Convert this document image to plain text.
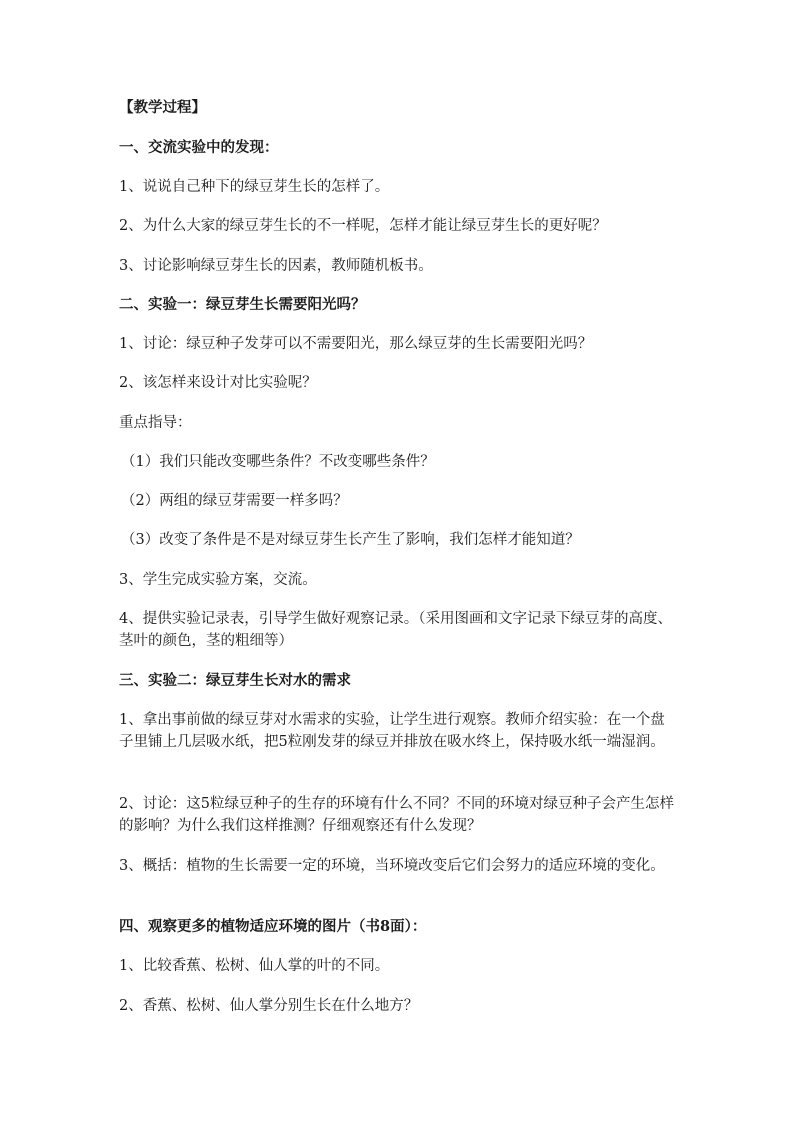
【教学过程】
一、交流实验中的发现：
1、说说自己种下的绿豆芽生长的怎样了。
2、为什么大家的绿豆芽生长的不一样呢，怎样才能让绿豆芽生长的更好呢？
3、讨论影响绿豆芽生长的因素，教师随机板书。
二、实验一：绿豆芽生长需要阳光吗？
1、讨论：绿豆种子发芽可以不需要阳光，那么绿豆芽的生长需要阳光吗？
2、该怎样来设计对比实验呢？
重点指导：
（1）我们只能改变哪些条件？不改变哪些条件？
（2）两组的绿豆芽需要一样多吗？
（3）改变了条件是不是对绿豆芽生长产生了影响，我们怎样才能知道？
3、学生完成实验方案，交流。
4、提供实验记录表，引导学生做好观察记录。（采用图画和文字记录下绿豆芽的高度、茎叶的颜色，茎的粗细等）
三、实验二：绿豆芽生长对水的需求
1、拿出事前做的绿豆芽对水需求的实验，让学生进行观察。教师介绍实验：在一个盘子里铺上几层吸水纸，把5粒刚发芽的绿豆并排放在吸水终上，保持吸水纸一端湿润。
2、讨论：这5粒绿豆种子的生存的环境有什么不同？不同的环境对绿豆种子会产生怎样的影响？为什么我们这样推测？仔细观察还有什么发现？
3、概括：植物的生长需要一定的环境，当环境改变后它们会努力的适应环境的变化。
四、观察更多的植物适应环境的图片（书8面）：
1、比较香蕉、松树、仙人掌的叶的不同。
2、香蕉、松树、仙人掌分别生长在什么地方？
